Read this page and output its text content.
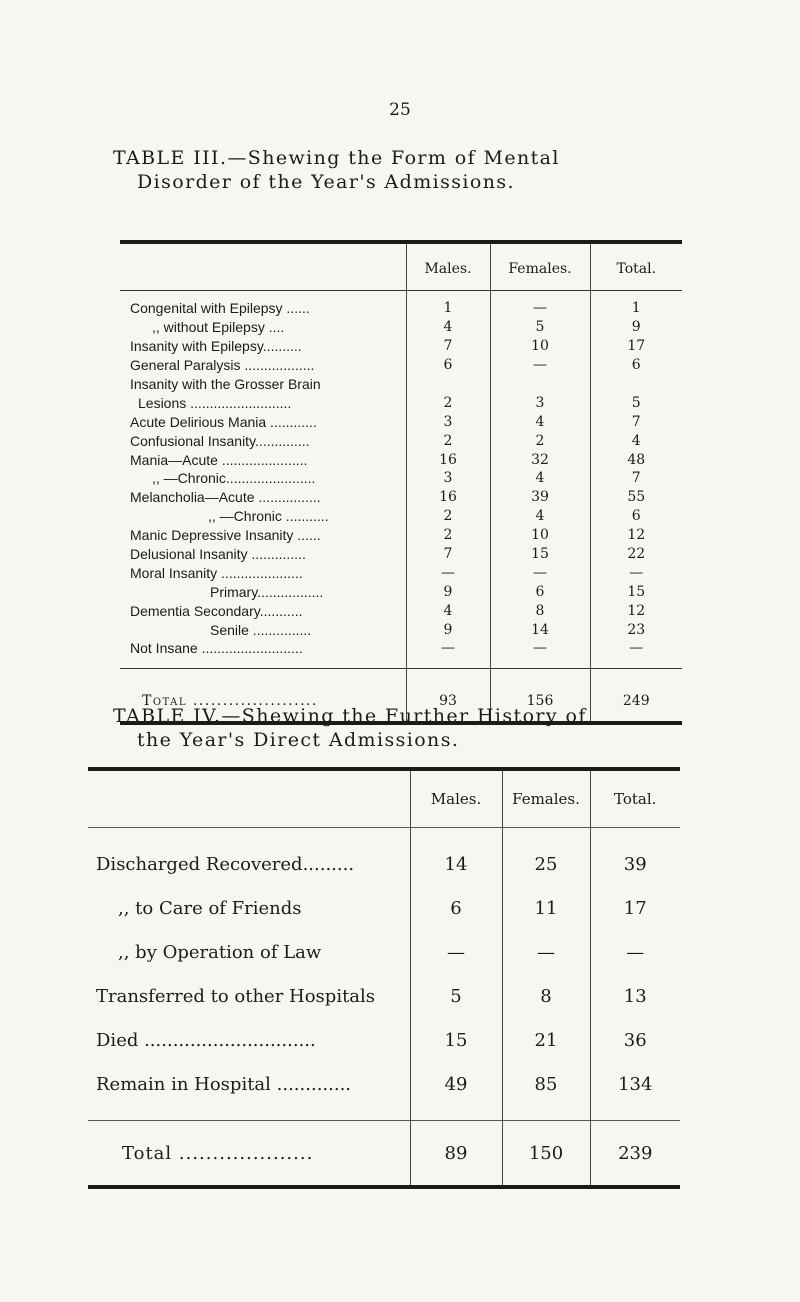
25
TABLE III.—Shewing the Form of Mental
Disorder of the Year's Admissions.
	Males.	Females.	Total.
Congenital with Epilepsy ......	1	—	1
,, without Epilepsy ....	4	5	9
Insanity with Epilepsy..........	7	10	17
General Paralysis ..................	6	—	6
Insanity with the Grosser Brain			
Lesions ..........................	2	3	5
Acute Delirious Mania ............	3	4	7
Confusional Insanity..............	2	2	4
Mania—Acute ......................	16	32	48
,, —Chronic.......................	3	4	7
Melancholia—Acute ................	16	39	55
,, —Chronic ...........	2	4	6
Manic Depressive Insanity ......	2	10	12
Delusional Insanity ..............	7	15	22
Moral Insanity .....................	—	—	—
Primary.................	9	6	15
Dementia Secondary...........	4	8	12
Senile ...............	9	14	23
Not Insane ..........................	—	—	—

Total .....................	93	156	249
TABLE IV.—Shewing the Further History of
the Year's Direct Admissions.
	Males.	Females.	Total.
Discharged Recovered.........	14	25	39
,, to Care of Friends	6	11	17
,, by Operation of Law	—	—	—
Transferred to other Hospitals	5	8	13
Died ..............................	15	21	36
Remain in Hospital .............	49	85	134

Total ....................	89	150	239
